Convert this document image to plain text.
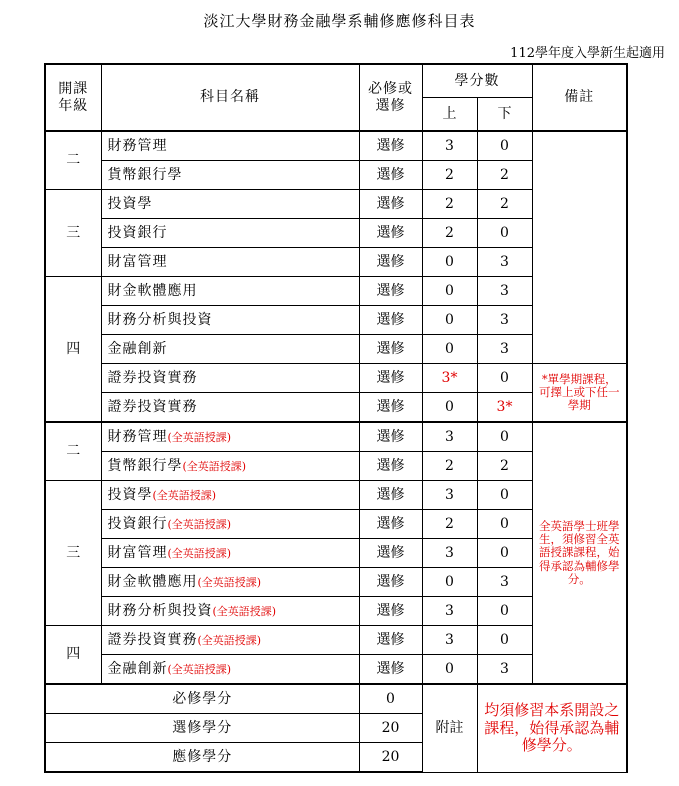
淡江大學財務金融學系輔修應修科目表
112學年度入學新生起適用
開課
年級	科目名稱	必修或
選修	學分數		備註
			上	下	
二	財務管理	選修	3	0	
	貨幣銀行學	選修	2	2	
三	投資學	選修	2	2	
	投資銀行	選修	2	0	
	財富管理	選修	0	3	
四	財金軟體應用	選修	0	3	
	財務分析與投資	選修	0	3	
	金融創新	選修	0	3	
	證券投資實務	選修	3*	0	*單學期課程，可擇上或下任一學期
	證券投資實務	選修	0	3*	
二	財務管理(全英語授課)	選修	3	0	全英語學士班學生，須修習全英語授課課程，始得承認為輔修學分。
	貨幣銀行學(全英語授課)	選修	2	2	
三	投資學(全英語授課)	選修	3	0	
	投資銀行(全英語授課)	選修	2	0	
	財富管理(全英語授課)	選修	3	0	
	財金軟體應用(全英語授課)	選修	0	3	
	財務分析與投資(全英語授課)	選修	3	0	
四	證券投資實務(全英語授課)	選修	3	0	
	金融創新(全英語授課)	選修	0	3	
必修學分		0	附註	均須修習本系開設之課程，始得承認為輔修學分。	
選修學分		20			
應修學分		20			
